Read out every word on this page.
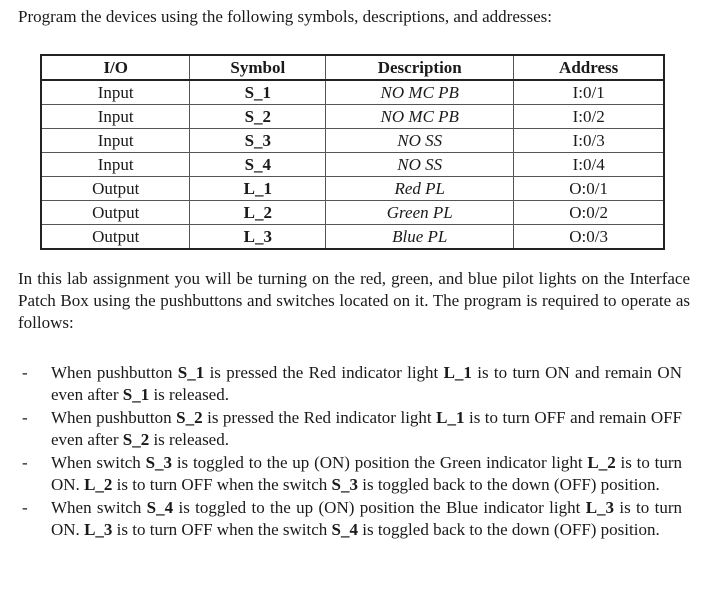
Program the devices using the following symbols, descriptions, and addresses:

I/O	Symbol	Description	Address
Input	S_1	NO MC PB	I:0/1
Input	S_2	NO MC PB	I:0/2
Input	S_3	NO SS	I:0/3
Input	S_4	NO SS	I:0/4
Output	L_1	Red PL	O:0/1
Output	L_2	Green PL	O:0/2
Output	L_3	Blue PL	O:0/3

In this lab assignment you will be turning on the red, green, and blue pilot lights on the Interface Patch Box using the pushbuttons and switches located on it. The program is required to operate as follows:

- When pushbutton S_1 is pressed the Red indicator light L_1 is to turn ON and remain ON even after S_1 is released.
- When pushbutton S_2 is pressed the Red indicator light L_1 is to turn OFF and remain OFF even after S_2 is released.
- When switch S_3 is toggled to the up (ON) position the Green indicator light L_2 is to turn ON. L_2 is to turn OFF when the switch S_3 is toggled back to the down (OFF) position.
- When switch S_4 is toggled to the up (ON) position the Blue indicator light L_3 is to turn ON. L_3 is to turn OFF when the switch S_4 is toggled back to the down (OFF) position.
